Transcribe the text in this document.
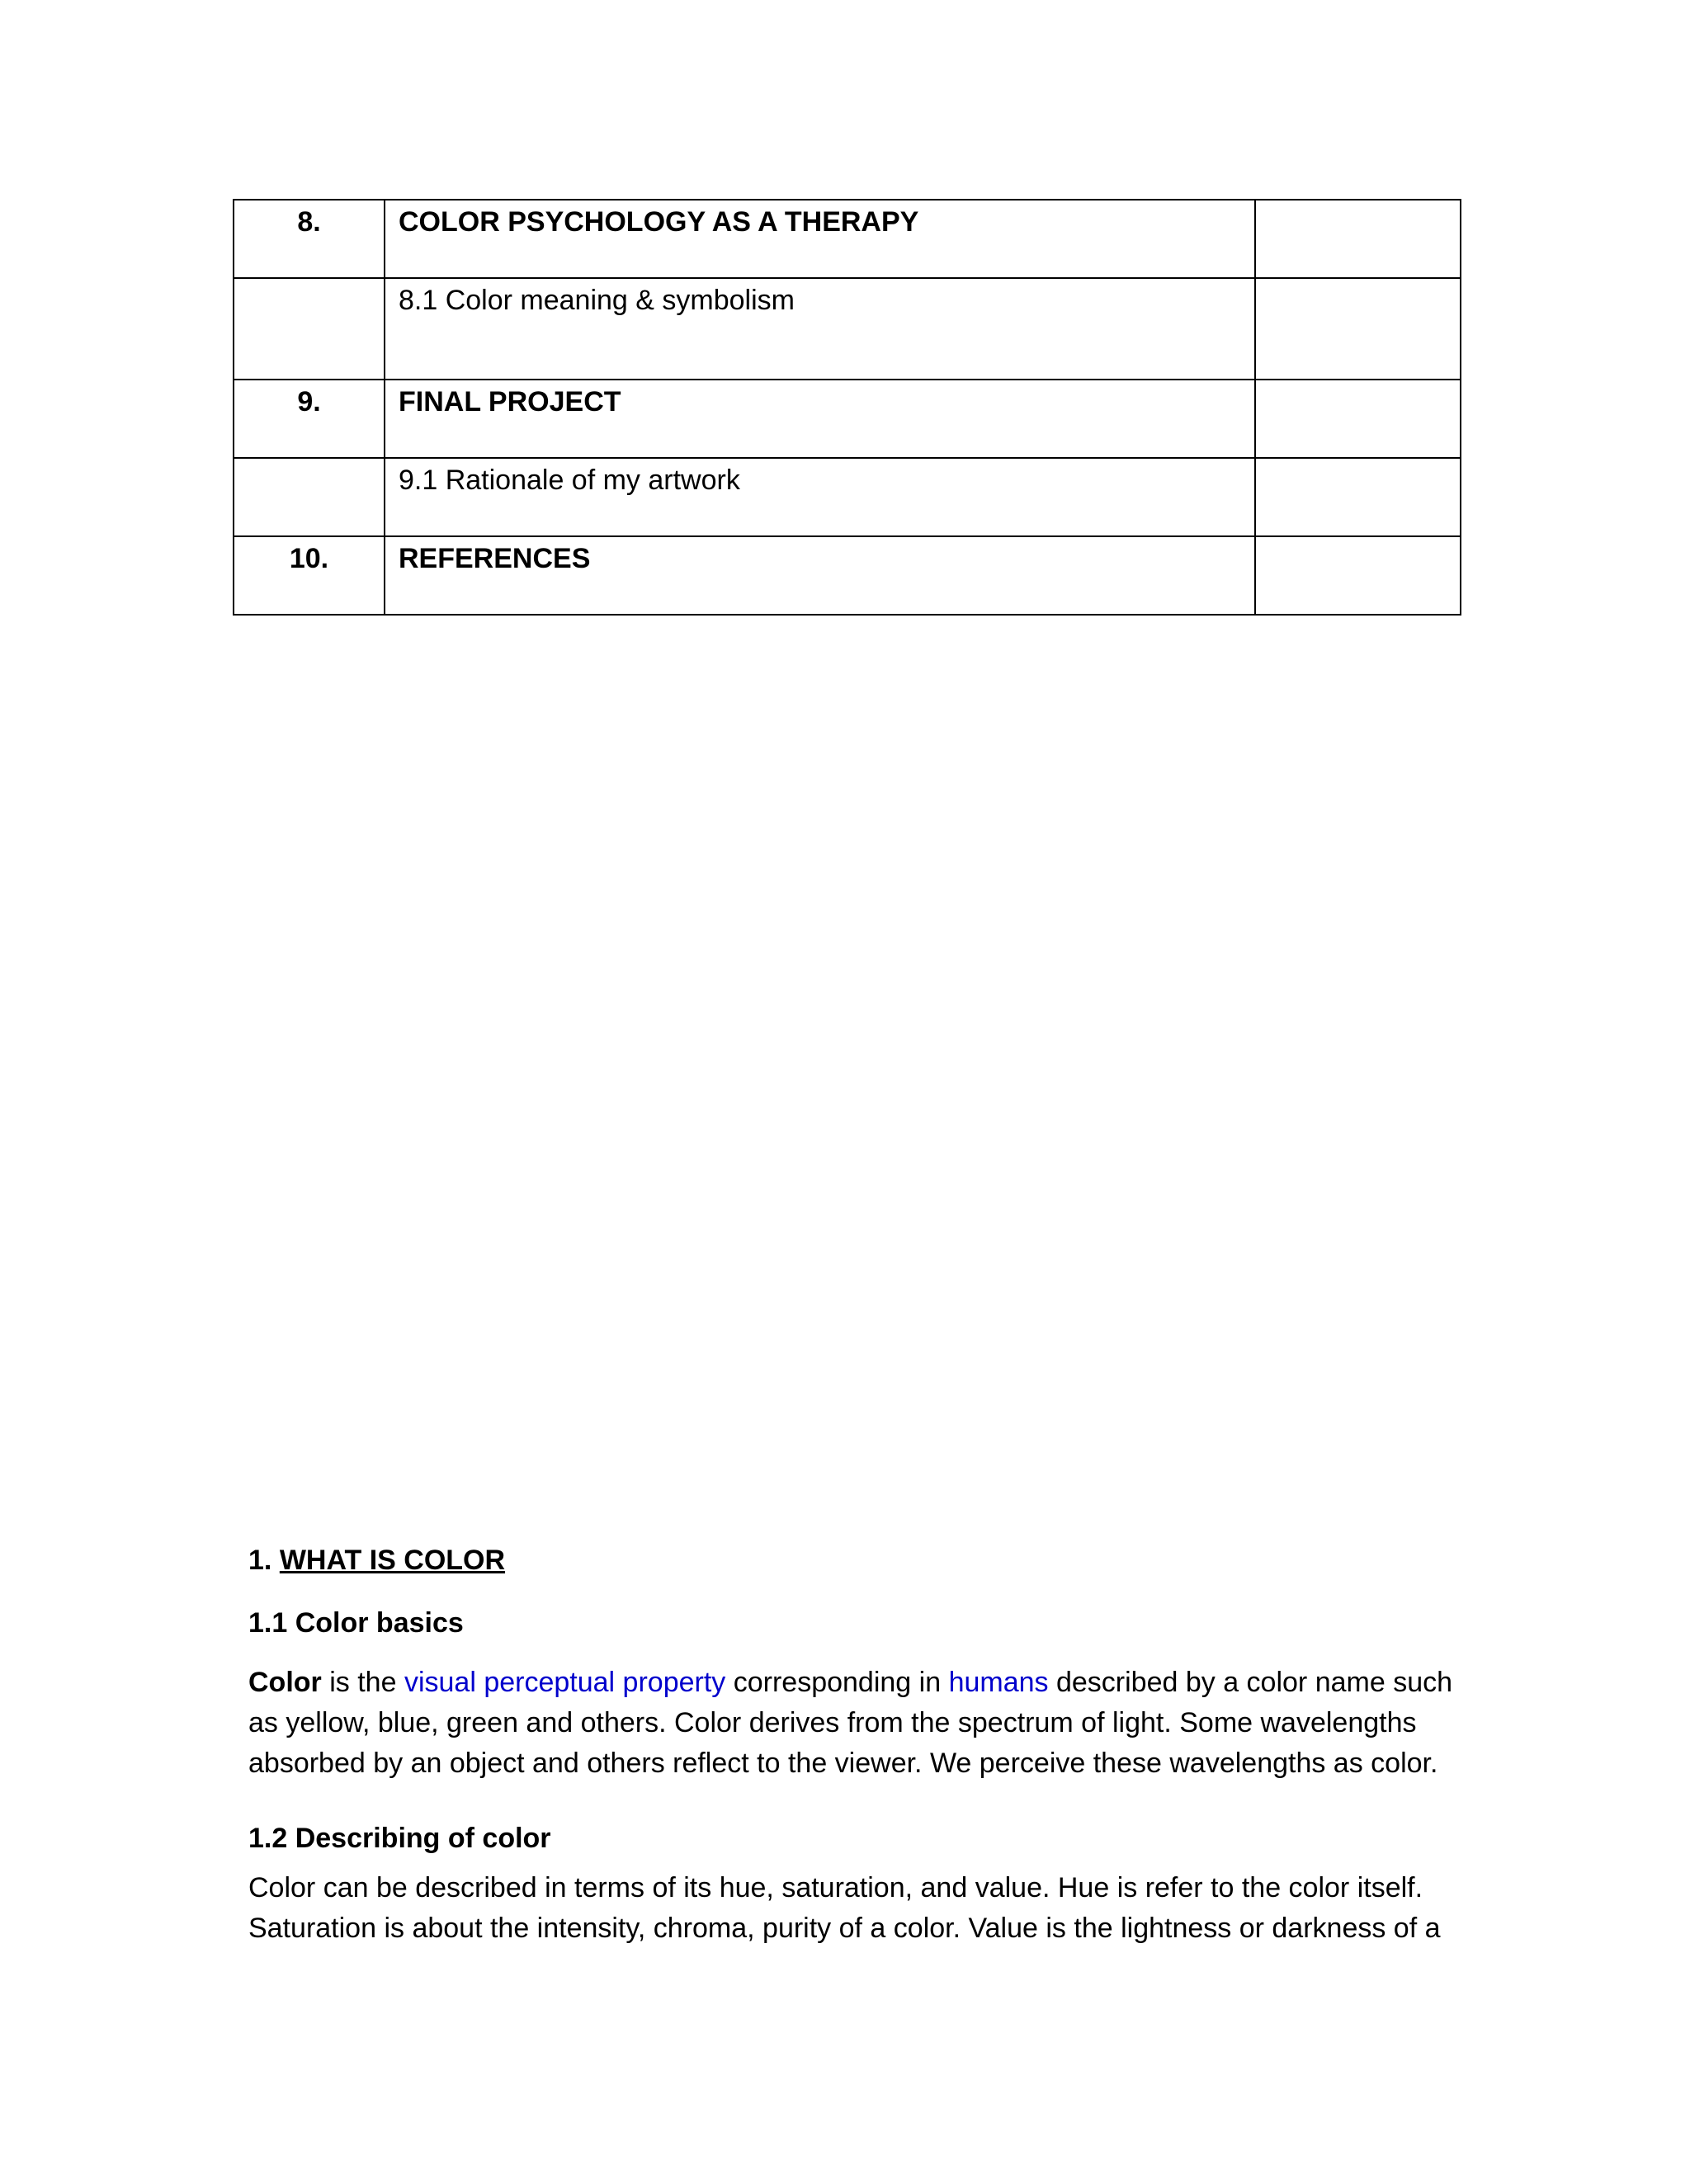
8.	COLOR PSYCHOLOGY AS A THERAPY	
	8.1 Color meaning & symbolism	
9.	FINAL PROJECT	
	9.1 Rationale of my artwork	
10.	REFERENCES	

1. WHAT IS COLOR

1.1 Color basics

Color is the visual perceptual property corresponding in humans described by a color name such as yellow, blue, green and others. Color derives from the spectrum of light. Some wavelengths absorbed by an object and others reflect to the viewer. We perceive these wavelengths as color.

1.2 Describing of color

Color can be described in terms of its hue, saturation, and value. Hue is refer to the color itself. Saturation is about the intensity, chroma, purity of a color. Value is the lightness or darkness of a
